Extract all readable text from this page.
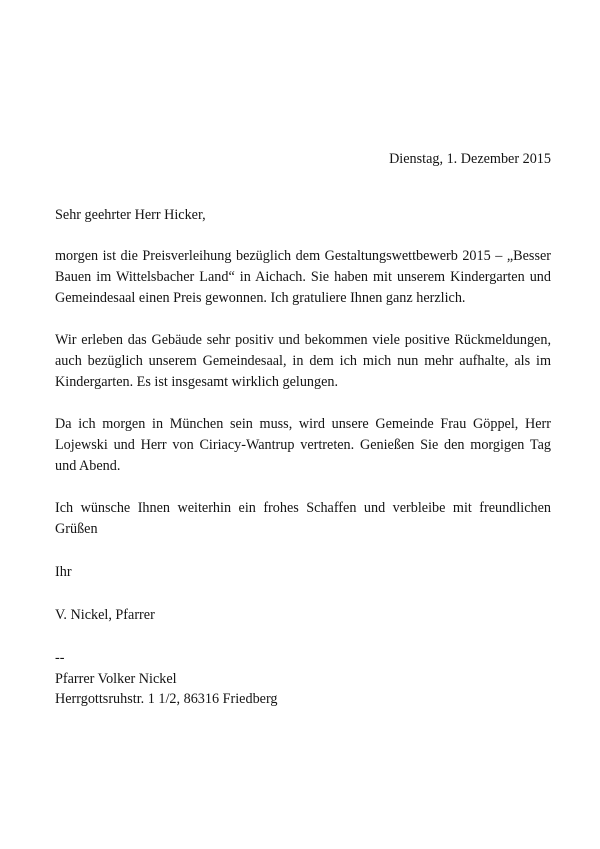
Dienstag, 1. Dezember 2015
Sehr geehrter Herr Hicker,

morgen ist die Preisverleihung bezüglich dem Gestaltungswettbewerb 2015 – „Besser Bauen im Wittelsbacher Land“ in Aichach. Sie haben mit unserem Kindergarten und Gemeindesaal einen Preis gewonnen. Ich gratuliere Ihnen ganz herzlich.

Wir erleben das Gebäude sehr positiv und bekommen viele positive Rückmeldungen, auch bezüglich unserem Gemeindesaal, in dem ich mich nun mehr aufhalte, als im Kindergarten. Es ist insgesamt wirklich gelungen.

Da ich morgen in München sein muss, wird unsere Gemeinde Frau Göppel, Herr Lojewski und Herr von Ciriacy-Wantrup vertreten. Genießen Sie den morgigen Tag und Abend.

Ich wünsche Ihnen weiterhin ein frohes Schaffen und verbleibe mit freundlichen Grüßen

Ihr
V. Nickel, Pfarrer
--
Pfarrer Volker Nickel
Herrgottsruhstr. 1 1/2, 86316 Friedberg
